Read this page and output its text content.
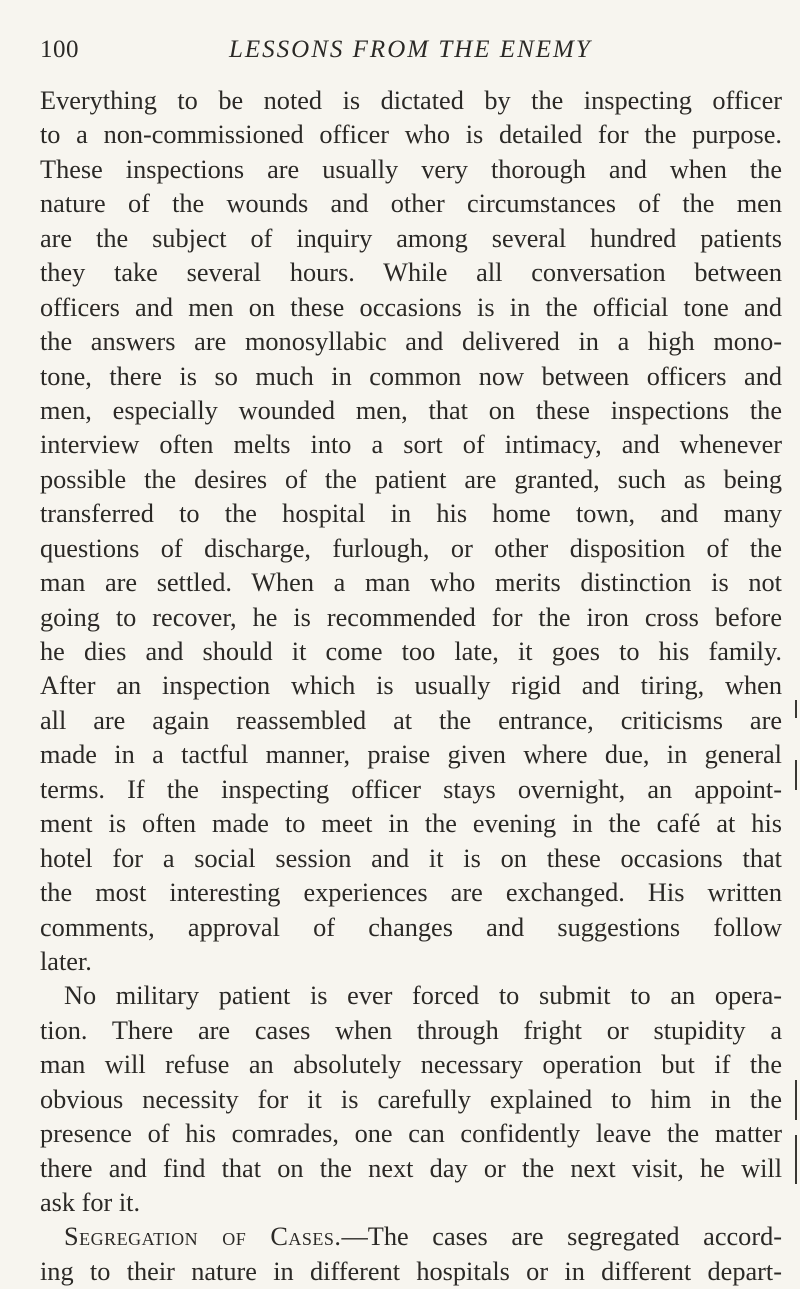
100	LESSONS FROM THE ENEMY
Everything to be noted is dictated by the inspecting officer
to a non-commissioned officer who is detailed for the purpose.
These inspections are usually very thorough and when the
nature of the wounds and other circumstances of the men
are the subject of inquiry among several hundred patients
they take several hours. While all conversation between
officers and men on these occasions is in the official tone and
the answers are monosyllabic and delivered in a high mono-
tone, there is so much in common now between officers and
men, especially wounded men, that on these inspections the
interview often melts into a sort of intimacy, and whenever
possible the desires of the patient are granted, such as being
transferred to the hospital in his home town, and many
questions of discharge, furlough, or other disposition of the
man are settled. When a man who merits distinction is not
going to recover, he is recommended for the iron cross before
he dies and should it come too late, it goes to his family.
After an inspection which is usually rigid and tiring, when
all are again reassembled at the entrance, criticisms are
made in a tactful manner, praise given where due, in general
terms. If the inspecting officer stays overnight, an appoint-
ment is often made to meet in the evening in the café at his
hotel for a social session and it is on these occasions that
the most interesting experiences are exchanged. His written
comments, approval of changes and suggestions follow
later.
No military patient is ever forced to submit to an opera-
tion. There are cases when through fright or stupidity a
man will refuse an absolutely necessary operation but if the
obvious necessity for it is carefully explained to him in the
presence of his comrades, one can confidently leave the matter
there and find that on the next day or the next visit, he will
ask for it.
Segregation of Cases.—The cases are segregated accord-
ing to their nature in different hospitals or in different depart-
